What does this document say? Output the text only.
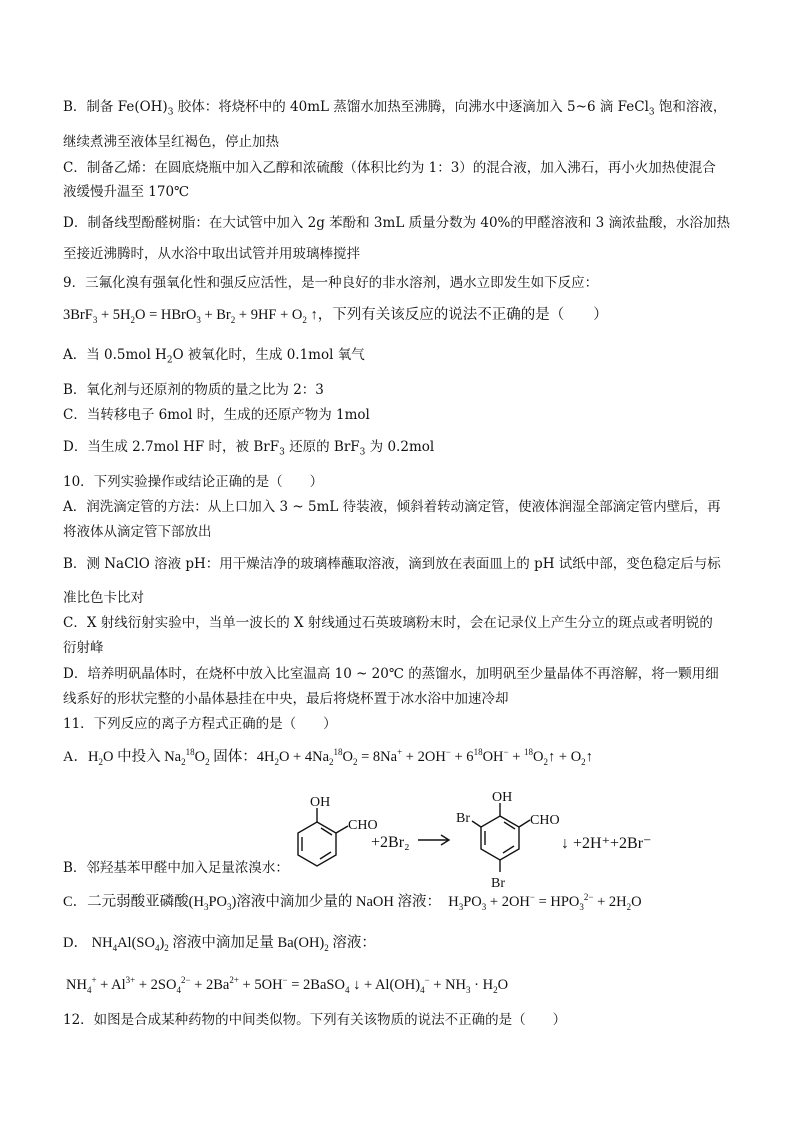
B．制备 $Fe(OH)_3$ 胶体：将烧杯中的 40mL 蒸馏水加热至沸腾，向沸水中逐滴加入 5~6 滴 FeCl$_3$ 饱和溶液，
继续煮沸至液体呈红褐色，停止加热
C．制备乙烯：在圆底烧瓶中加入乙醇和浓硫酸（体积比约为 1：3）的混合液，加入沸石，再小火加热使混合
液缓慢升温至 170℃
D．制备线型酚醛树脂：在大试管中加入 2g 苯酚和 3mL 质量分数为 40%的甲醛溶液和 3 滴浓盐酸，水浴加热
至接近沸腾时，从水浴中取出试管并用玻璃棒搅拌
9．三氟化溴有强氧化性和强反应活性，是一种良好的非水溶剂，遇水立即发生如下反应：
$3BrF_3 + 5H_2O$ = HBrO$_3$ + $Br_2 + 9HF + O_2$ ↑，下列有关该反应的说法不正确的是（　　）
A．当 0.5mol $H_2O$ 被氧化时，生成 0.1mol 氧气
B．氧化剂与还原剂的物质的量之比为 2：3
C．当转移电子 6mol 时，生成的还原产物为 1mol
D．当生成 2.7mol HF 时，被 BrF$_3$ 还原的 BrF$_3$ 为 0.2mol
10．下列实验操作或结论正确的是（　　）
A．润洗滴定管的方法：从上口加入 3 ~ 5mL 待装液，倾斜着转动滴定管，使液体润湿全部滴定管内壁后，再
将液体从滴定管下部放出
B．测 NaClO 溶液 pH：用干燥洁净的玻璃棒蘸取溶液，滴到放在表面皿上的 pH 试纸中部，变色稳定后与标
准比色卡比对
C．X 射线衍射实验中，当单一波长的 X 射线通过石英玻璃粉末时，会在记录仪上产生分立的斑点或者明锐的
衍射峰
D．培养明矾晶体时，在烧杯中放入比室温高 10 ~ 20℃ 的蒸馏水，加明矾至少量晶体不再溶解，将一颗用细
线系好的形状完整的小晶体悬挂在中央，最后将烧杯置于冰水浴中加速冷却
11．下列反应的离子方程式正确的是（　　）
A．$H_2O$ 中投入 $Na_2^{18}O_2$ 固体：$4H_2O + 4Na_2^{18}O_2 = 8Na^+ + 2OH^- + 6^{18}OH^-$ + $^{18}O_2↑$ + $O_2↑$
OH
CHO
+2Br₂
OH
Br	CHO
Br
↓ +2H⁺+2Br⁻
B．邻羟基苯甲醛中加入足量浓溴水：
C．二元弱酸亚磷酸$(H_3PO_3)$溶液中滴加少量的 NaOH 溶液： $H_3PO_3 + 2OH^- = HPO_3^{2-} + 2H_2O$
D． $NH_4Al(SO_4)_2$ 溶液中滴加足量 $Ba(OH)_2$ 溶液：
$NH_4^+ + Al^{3+} + 2SO_4^{2-} + 2Ba^{2+} + 5OH^-$ = 2BaSO$_4$ ↓ + $Al(OH)_4^- + NH_3 \cdot H_2O$
12．如图是合成某种药物的中间类似物。下列有关该物质的说法不正确的是（　　）
